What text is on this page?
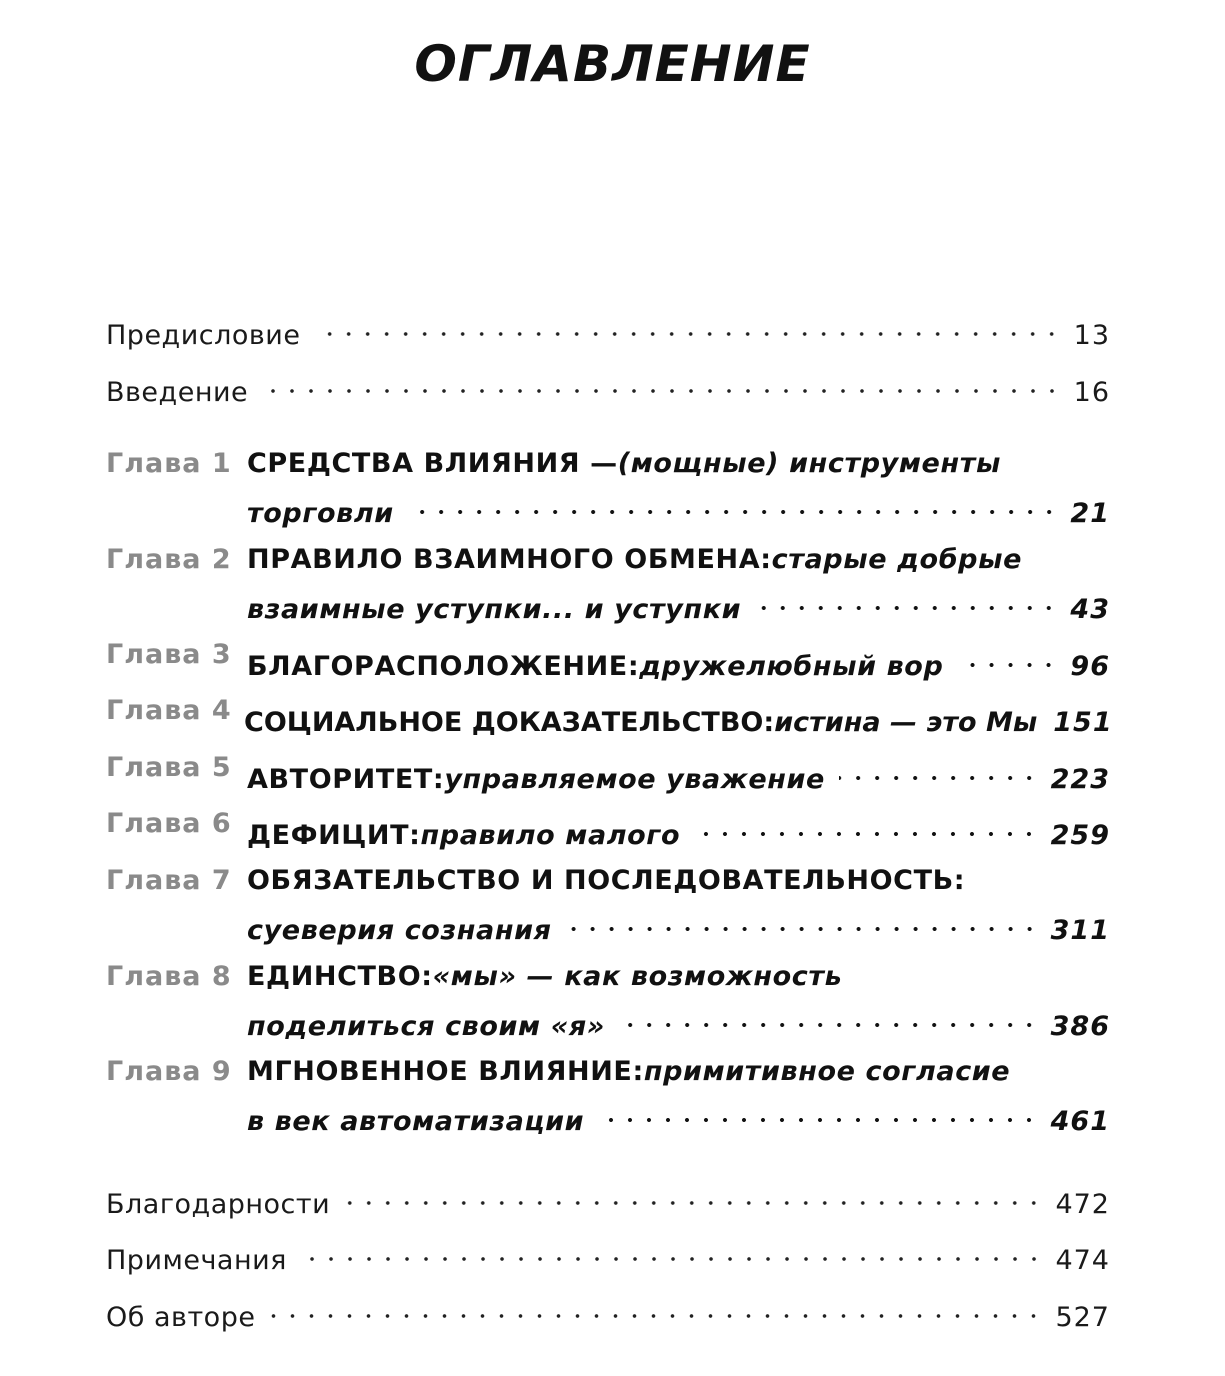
ОГЛАВЛЕНИЕ
Предисловие	13
Введение	16
Глава 1 СРЕДСТВА ВЛИЯНИЯ — (мощные) инструменты
торговли	21
Глава 2 ПРАВИЛО ВЗАИМНОГО ОБМЕНА : старые добрые
взаимные уступки... и уступки	43
Глава 3 БЛАГОРАСПОЛОЖЕНИЕ : дружелюбный вор	96
Глава 4 СОЦИАЛЬНОЕ ДОКАЗАТЕЛЬСТВО : истина — это Мы 151
Глава 5 АВТОРИТЕТ : управляемое уважение	223
Глава 6 ДЕФИЦИТ : правило малого	259
Глава 7 ОБЯЗАТЕЛЬСТВО И ПОСЛЕДОВАТЕЛЬНОСТЬ :
суеверия сознания	311
Глава 8 ЕДИНСТВО : «мы» — как возможность
поделиться своим «я»	386
Глава 9 МГНОВЕННОЕ ВЛИЯНИЕ : примитивное согласие
в век автоматизации	461
Благодарности	472
Примечания	474
Об авторе	527
